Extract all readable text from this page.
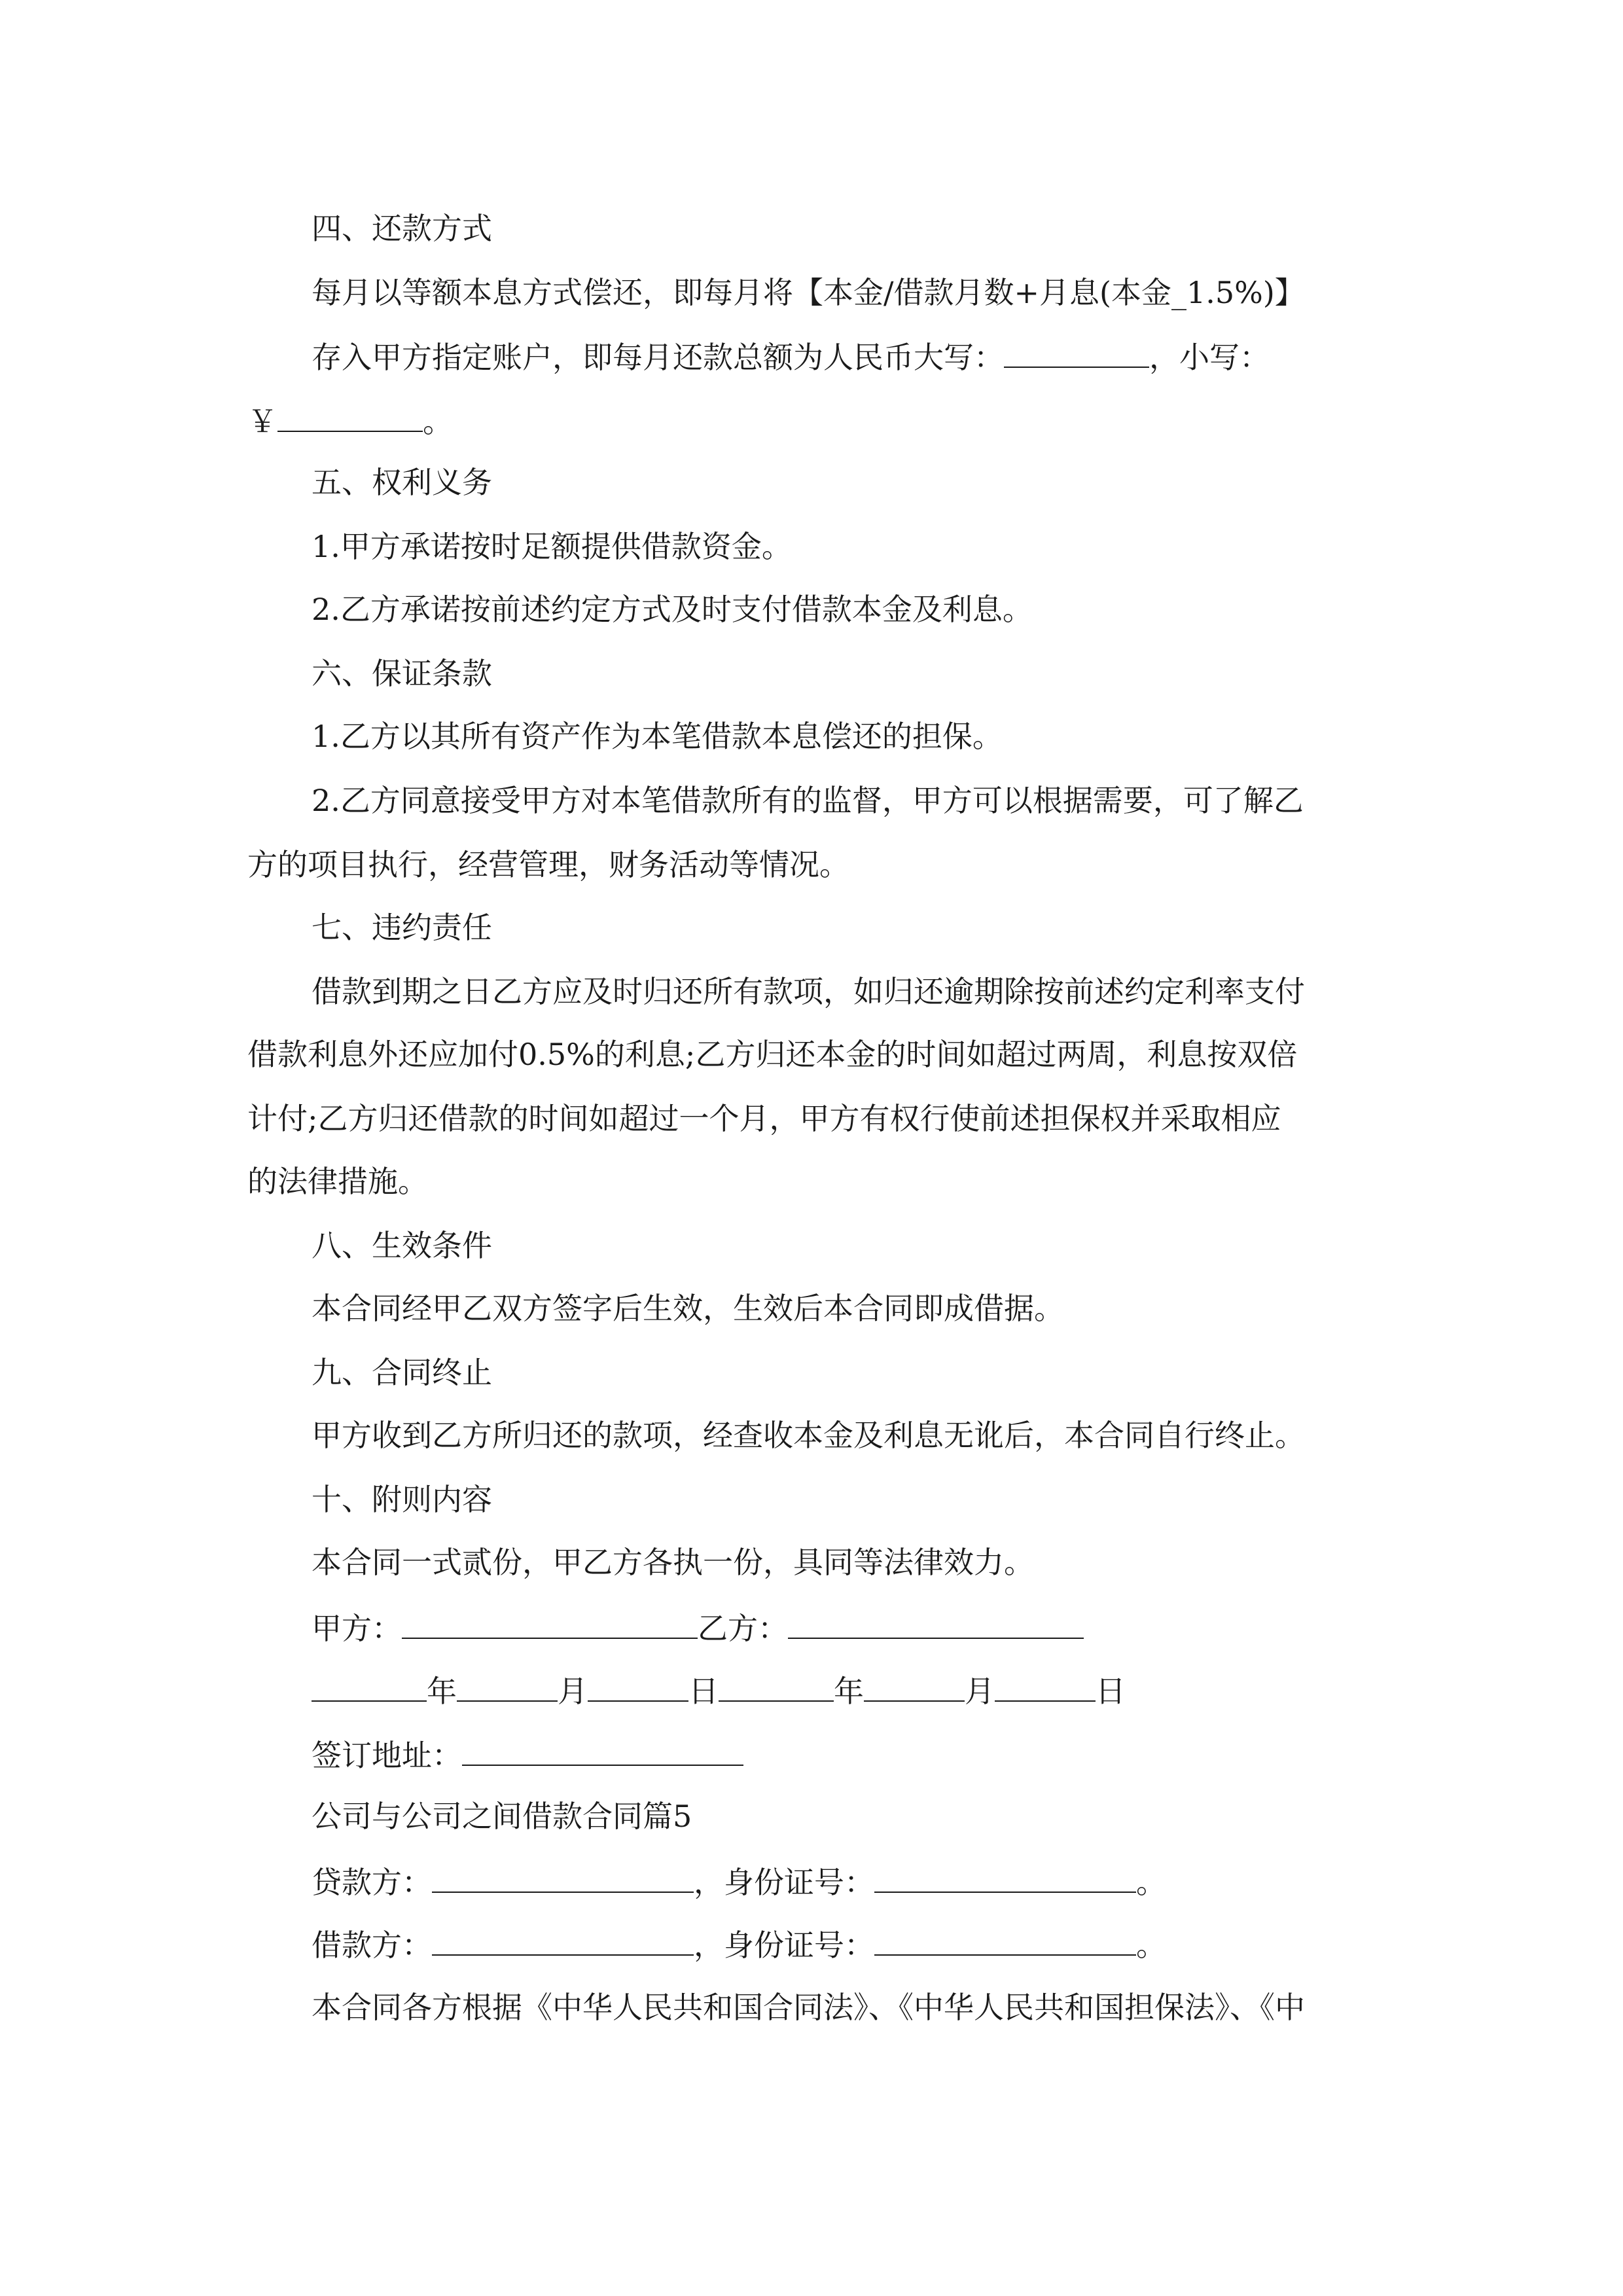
四、还款方式
每月以等额本息方式偿还，即每月将【本金/借款月数+月息(本金_1.5%)】
存入甲方指定账户，即每月还款总额为人民币大写：	，小写：
￥	。
五、权利义务
1.甲方承诺按时足额提供借款资金。
2.乙方承诺按前述约定方式及时支付借款本金及利息。
六、保证条款
1.乙方以其所有资产作为本笔借款本息偿还的担保。
2.乙方同意接受甲方对本笔借款所有的监督，甲方可以根据需要，可了解乙
方的项目执行，经营管理，财务活动等情况。
七、违约责任
借款到期之日乙方应及时归还所有款项，如归还逾期除按前述约定利率支付
借款利息外还应加付0.5%的利息;乙方归还本金的时间如超过两周，利息按双倍
计付;乙方归还借款的时间如超过一个月，甲方有权行使前述担保权并采取相应
的法律措施。
八、生效条件
本合同经甲乙双方签字后生效，生效后本合同即成借据。
九、合同终止
甲方收到乙方所归还的款项，经查收本金及利息无讹后，本合同自行终止。
十、附则内容
本合同一式贰份，甲乙方各执一份，具同等法律效力。
甲方：	乙方：
年	月	日	年	月	日
签订地址：
公司与公司之间借款合同篇5
贷款方：	，身份证号：	。
借款方：	，身份证号：	。
本合同各方根据《中华人民共和国合同法》、《中华人民共和国担保法》、《中
